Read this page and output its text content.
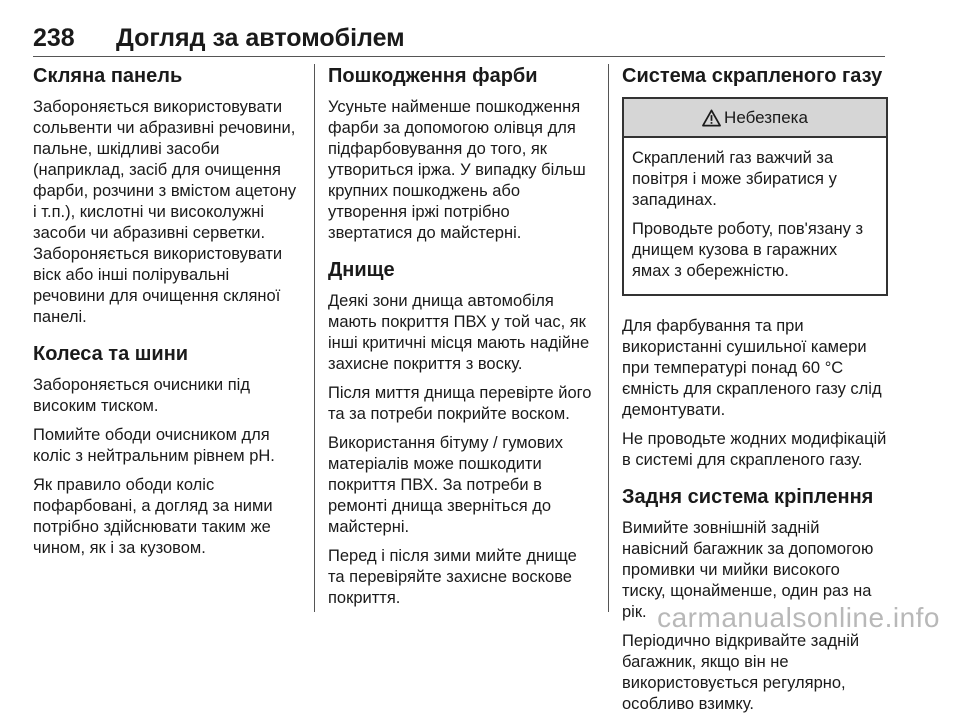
238 Догляд за автомобілем
Скляна панель

Забороняється використовувати сольвенти чи абразивні речовини, пальне, шкідливі засоби (наприклад, засіб для очищення фарби, розчини з вмістом ацетону і т.п.), кислотні чи високолужні засоби чи абразивні серветки. Забороняється використовувати віск або інші полірувальні речовини для очищення скляної панелі.

Колеса та шини

Забороняється очисники під високим тиском.

Помийте ободи очисником для коліс з нейтральним рівнем pH.

Як правило ободи коліс пофарбовані, а догляд за ними потрібно здійснювати таким же чином, як і за кузовом.

Пошкодження фарби

Усуньте найменше пошкодження фарби за допомогою олівця для підфарбовування до того, як утвориться іржа. У випадку більш крупних пошкоджень або утворення іржі потрібно звертатися до майстерні.

Днище

Деякі зони днища автомобіля мають покриття ПВХ у той час, як інші критичні місця мають надійне захисне покриття з воску.

Після миття днища перевірте його та за потреби покрийте воском.

Використання бітуму / гумових матеріалів може пошкодити покриття ПВХ. За потреби в ремонті днища зверніться до майстерні.

Перед і після зими мийте днище та перевіряйте захисне воскове покриття.

Система скрапленого газу
Небезпека

Скраплений газ важчий за повітря і може збиратися у западинах.

Проводьте роботу, пов'язану з днищем кузова в гаражних ямах з обережністю.

Для фарбування та при використанні сушильної камери при температурі понад 60 °C ємність для скрапленого газу слід демонтувати.

Не проводьте жодних модифікацій в системі для скрапленого газу.

Задня система кріплення

Вимийте зовнішній задній навісний багажник за допомогою промивки чи мийки високого тиску, щонайменше, один раз на рік.

Періодично відкривайте задній багажник, якщо він не використовується регулярно, особливо взимку.

carmanualsonline.info
